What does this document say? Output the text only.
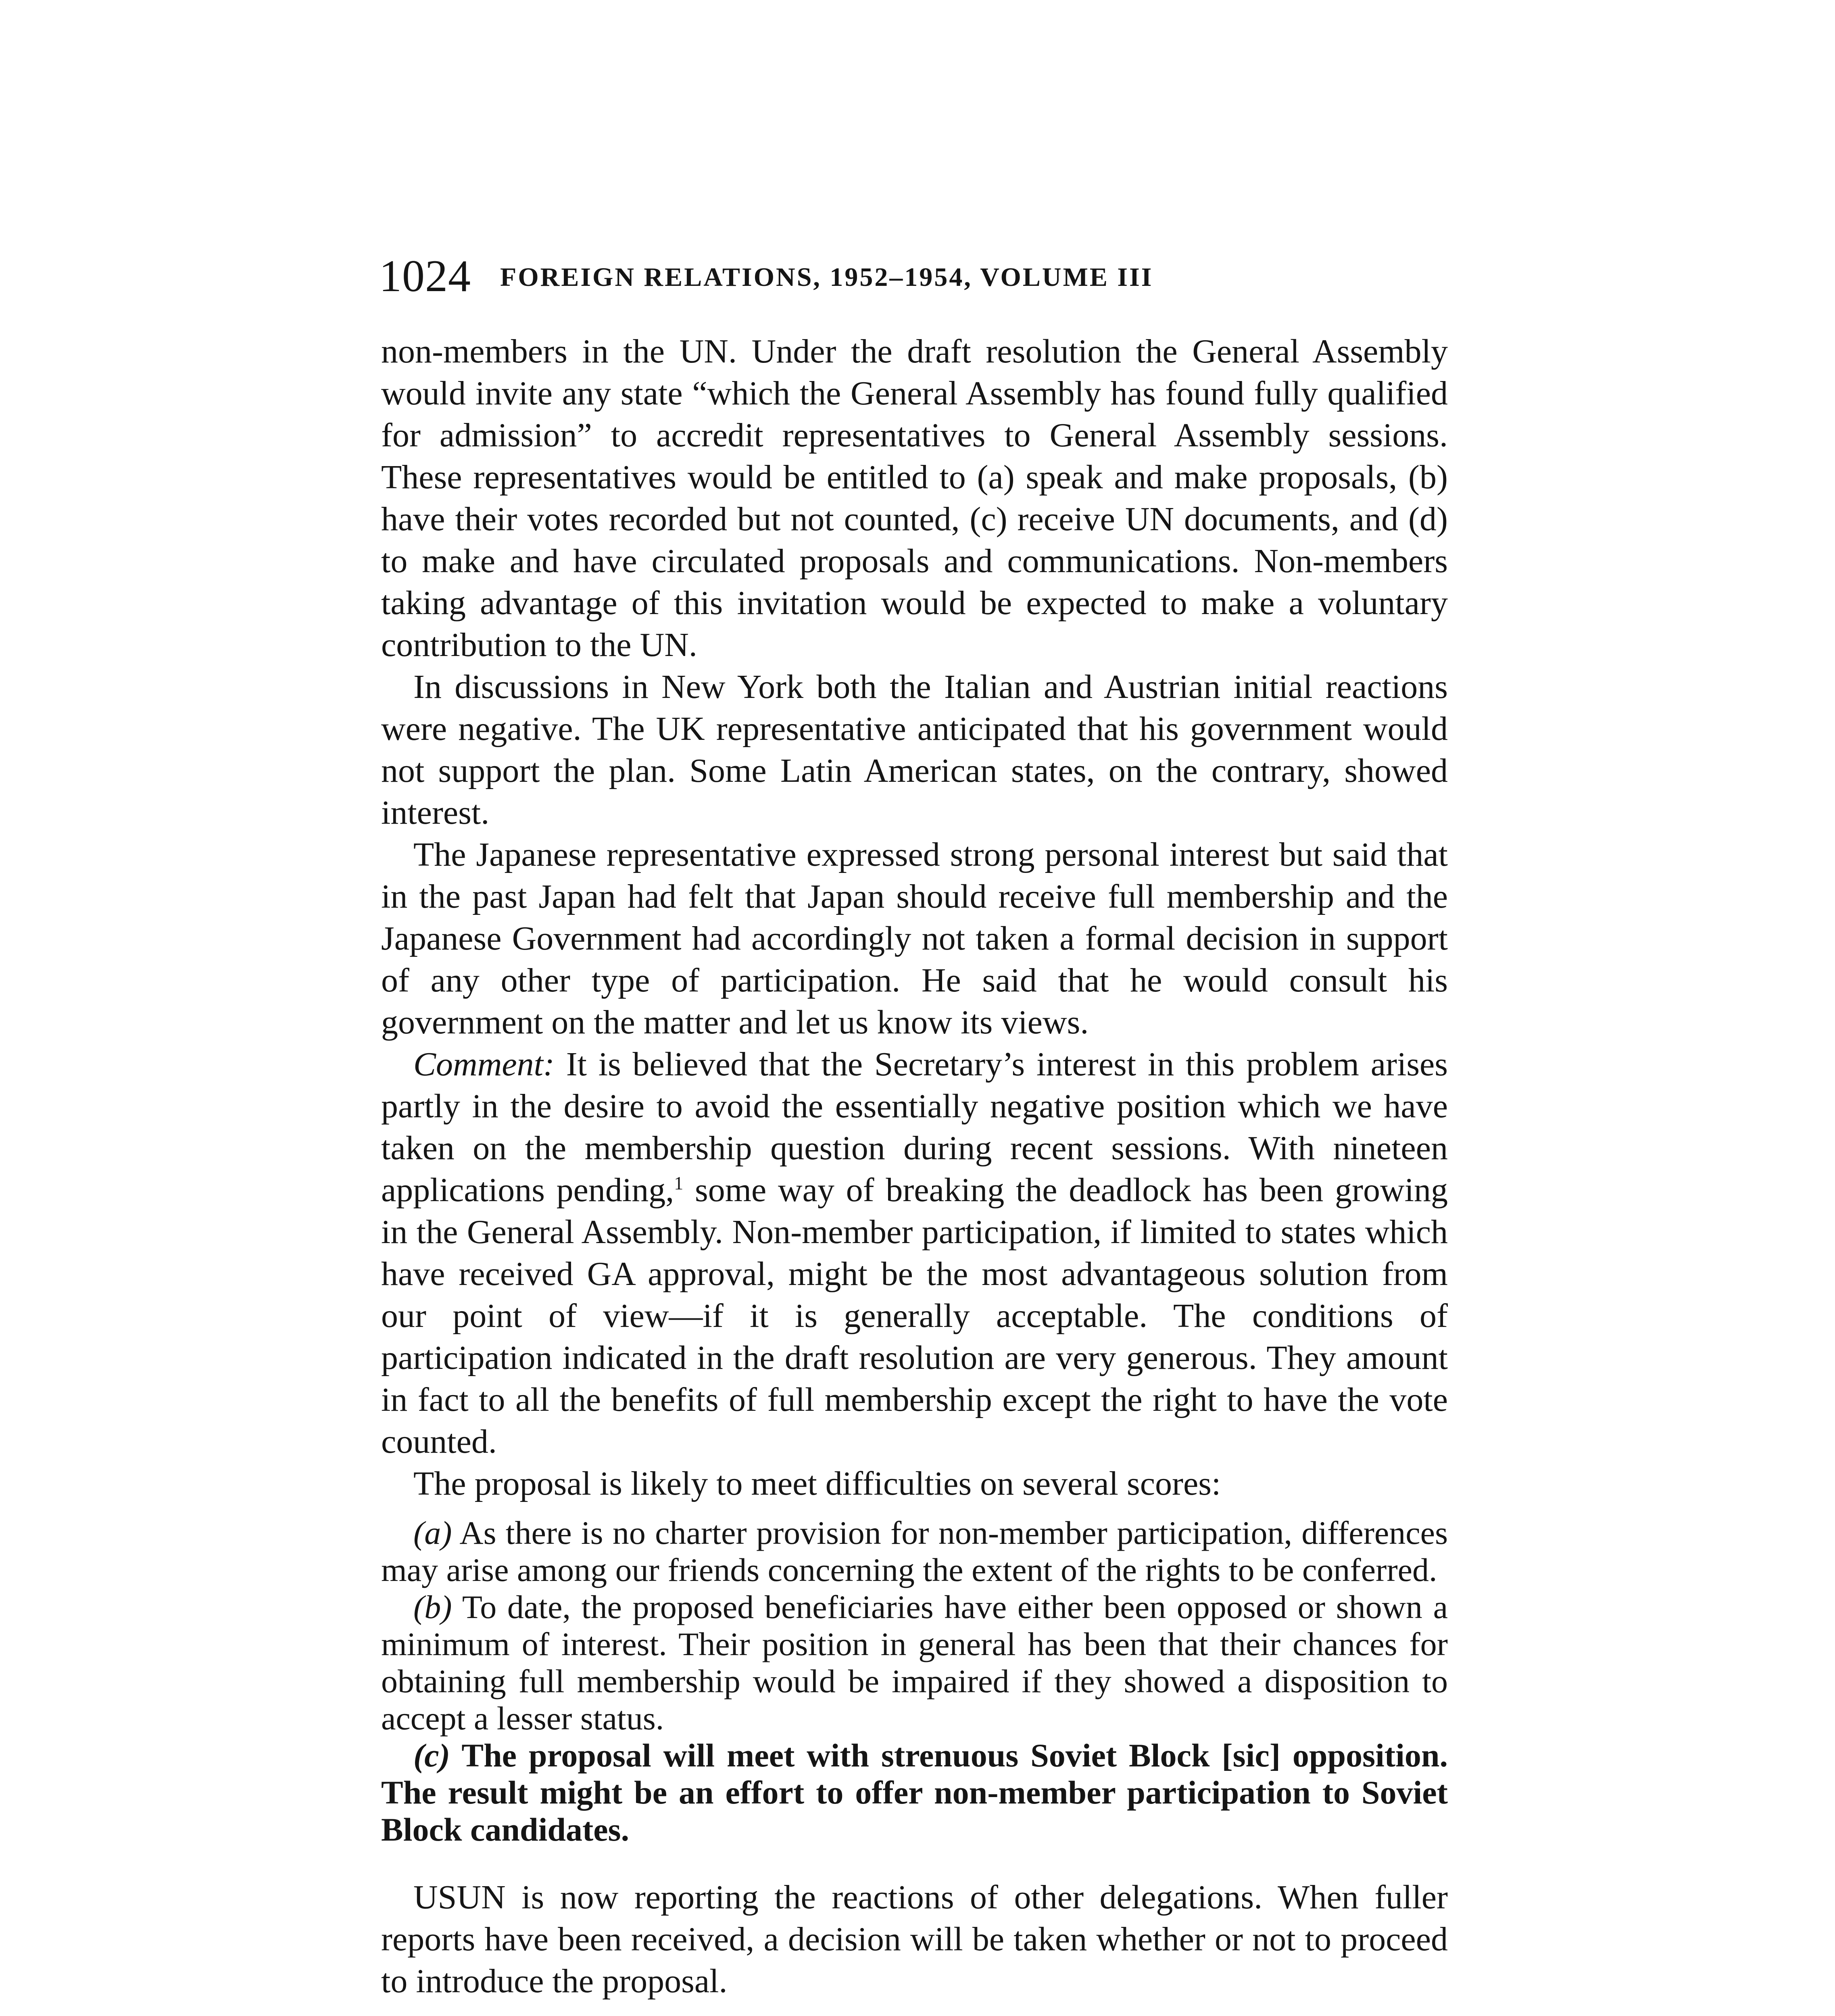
1024 FOREIGN RELATIONS, 1952–1954, VOLUME III

non-members in the UN. Under the draft resolution the General Assembly would invite any state “which the General Assembly has found fully qualified for admission” to accredit representatives to General Assembly sessions. These representatives would be entitled to (a) speak and make proposals, (b) have their votes recorded but not counted, (c) receive UN documents, and (d) to make and have circulated proposals and communications. Non-members taking advantage of this invitation would be expected to make a voluntary contribution to the UN.

In discussions in New York both the Italian and Austrian initial reactions were negative. The UK representative anticipated that his government would not support the plan. Some Latin American states, on the contrary, showed interest.

The Japanese representative expressed strong personal interest but said that in the past Japan had felt that Japan should receive full membership and the Japanese Government had accordingly not taken a formal decision in support of any other type of participation. He said that he would consult his government on the matter and let us know its views.

Comment: It is believed that the Secretary’s interest in this problem arises partly in the desire to avoid the essentially negative position which we have taken on the membership question during recent sessions. With nineteen applications pending,$^1$ some way of breaking the deadlock has been growing in the General Assembly. Non-member participation, if limited to states which have received GA approval, might be the most advantageous solution from our point of view—if it is generally acceptable. The conditions of participation indicated in the draft resolution are very generous. They amount in fact to all the benefits of full membership except the right to have the vote counted.

The proposal is likely to meet difficulties on several scores:

(a) As there is no charter provision for non-member participation, differences may arise among our friends concerning the extent of the rights to be conferred.

(b) To date, the proposed beneficiaries have either been opposed or shown a minimum of interest. Their position in general has been that their chances for obtaining full membership would be impaired if they showed a disposition to accept a lesser status.

(c) The proposal will meet with strenuous Soviet Block [sic] opposition. The result might be an effort to offer non-member participation to Soviet Block candidates.

USUN is now reporting the reactions of other delegations. When fuller reports have been received, a decision will be taken whether or not to proceed to introduce the proposal.
